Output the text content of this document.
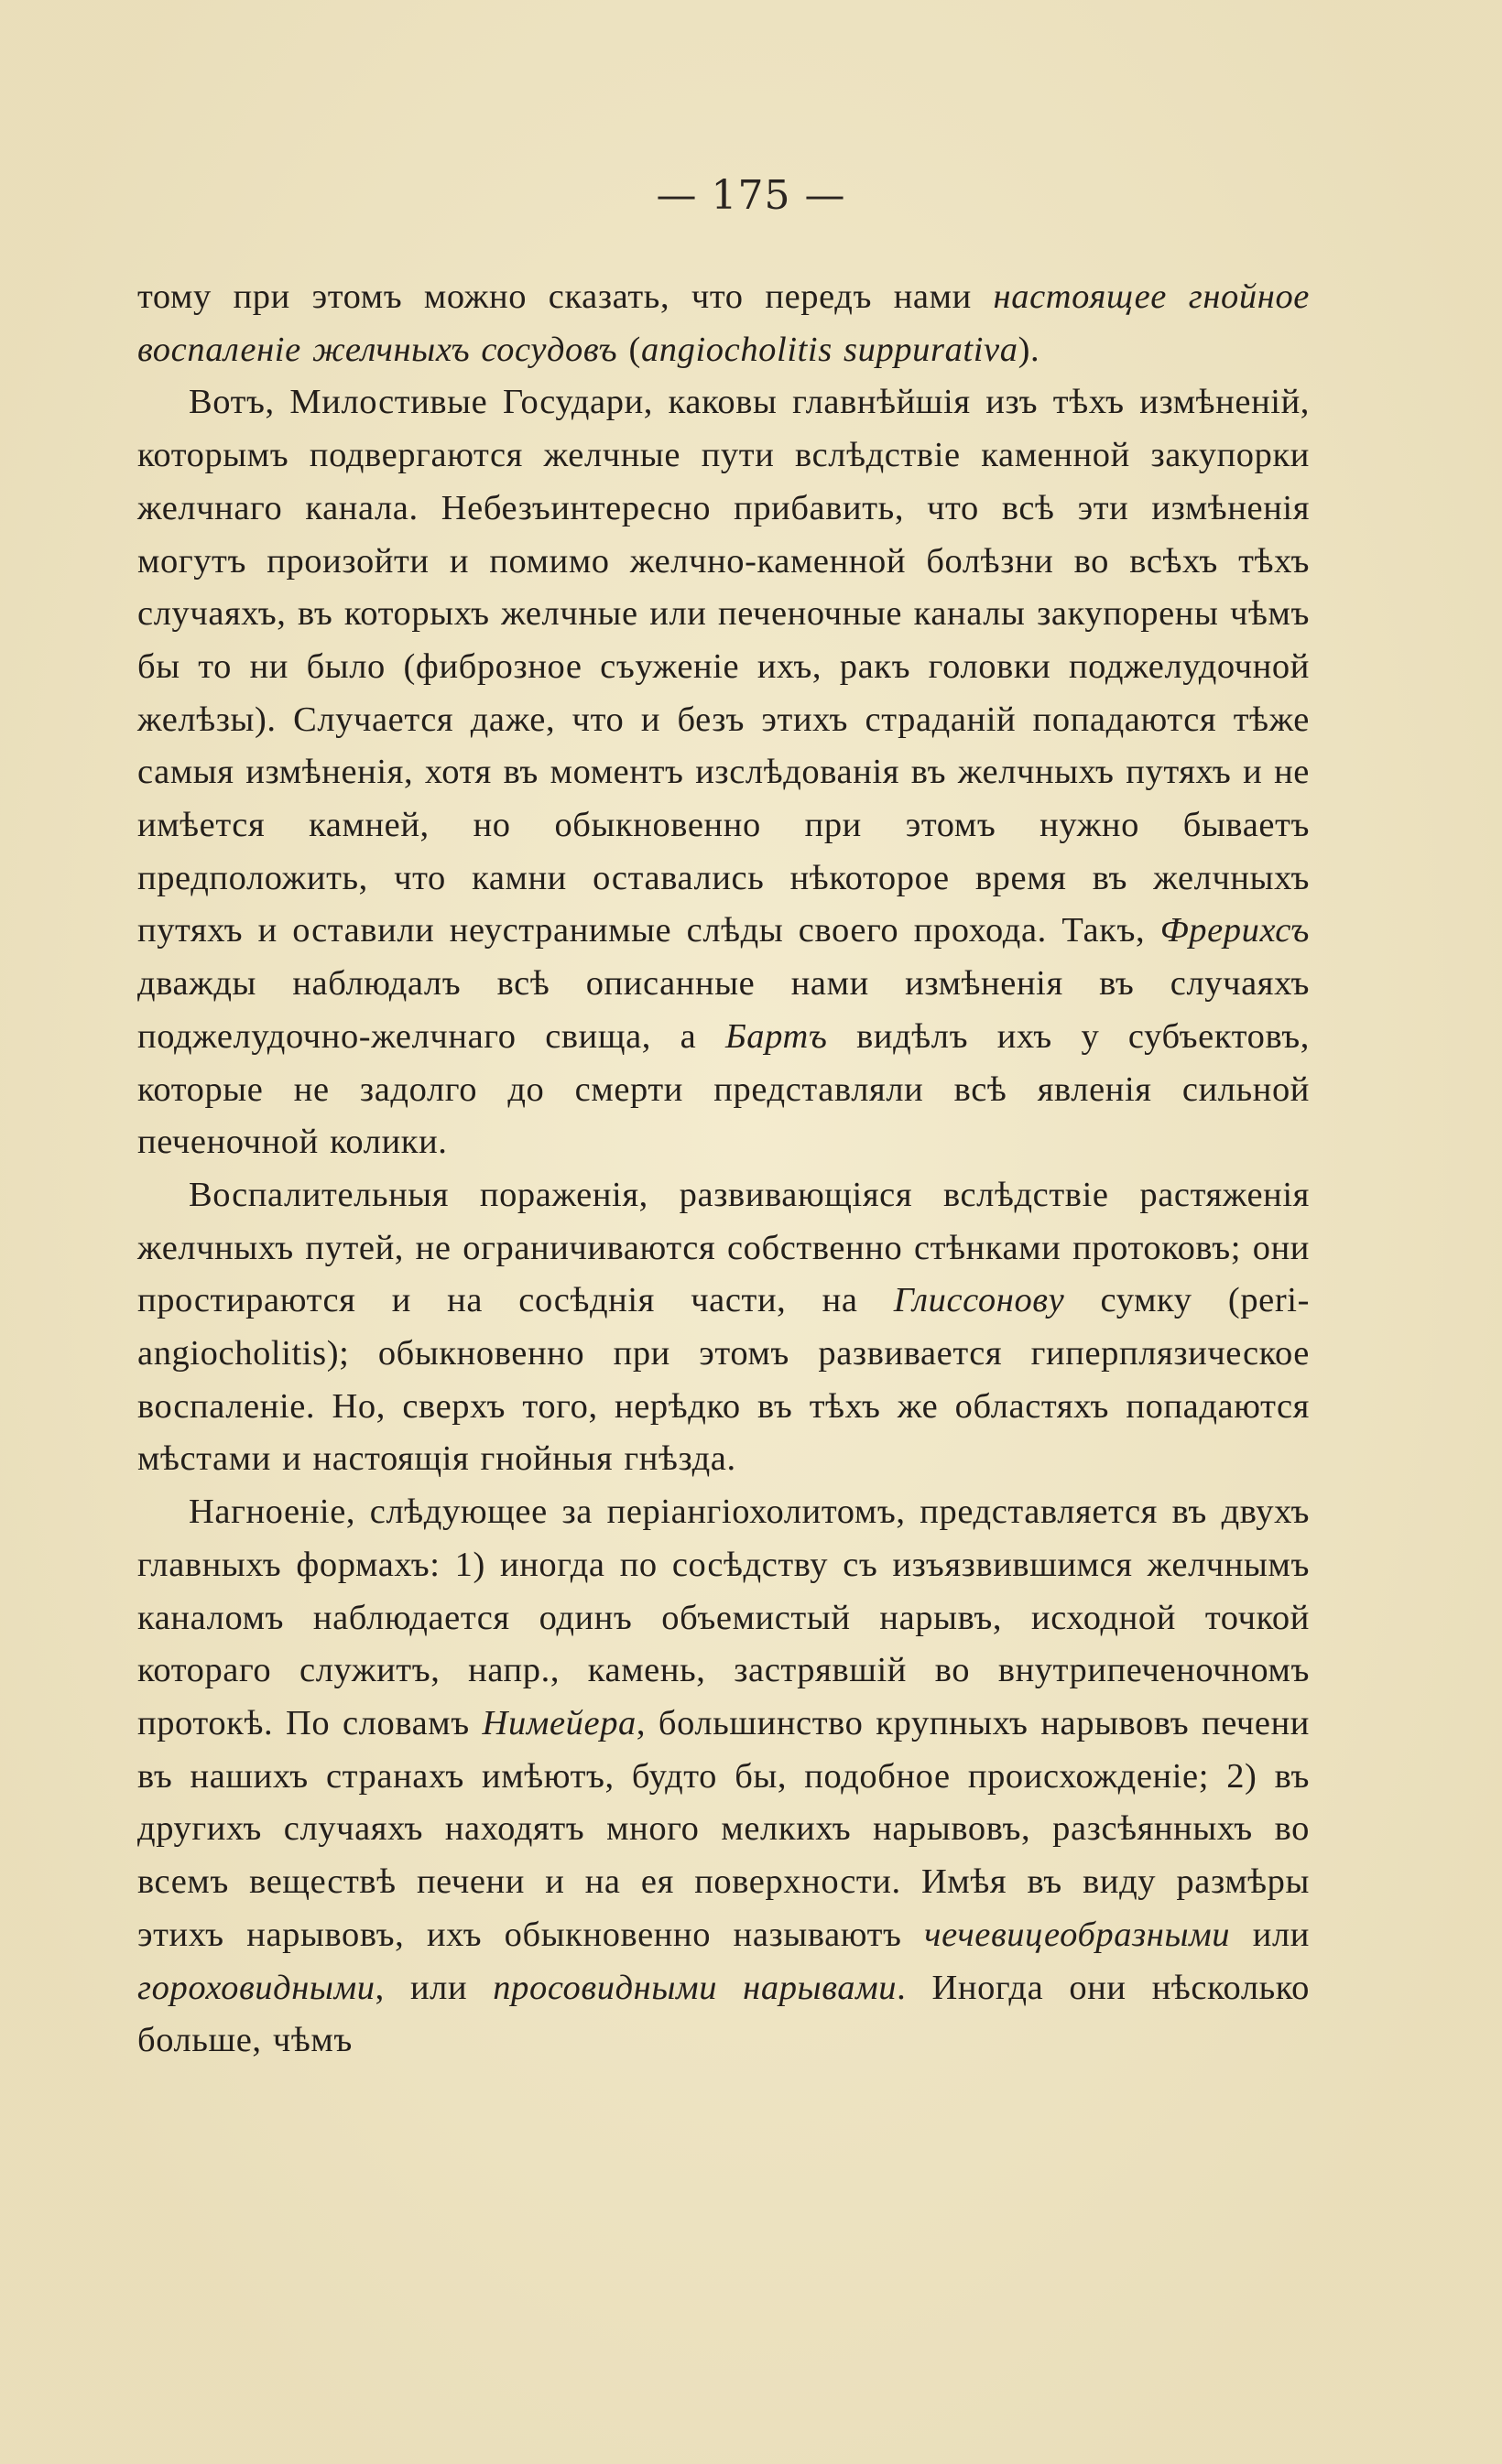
— 175 —

тому при этомъ можно сказать, что передъ нами настоящее гнойное воспаленіе желчныхъ сосудовъ (angiocholitis suppurativa).

Вотъ, Милостивые Государи, каковы главнѣйшія изъ тѣхъ измѣненій, которымъ подвергаются желчные пути вслѣдствіе каменной закупорки желчнаго канала. Небезъинтересно прибавить, что всѣ эти измѣненія могутъ произойти и помимо желчно-каменной болѣзни во всѣхъ тѣхъ случаяхъ, въ которыхъ желчные или печеночные каналы закупорены чѣмъ бы то ни было (фиброзное съуженіе ихъ, ракъ головки поджелудочной желѣзы). Случается даже, что и безъ этихъ страданій попадаются тѣже самыя измѣненія, хотя въ моментъ изслѣдованія въ желчныхъ путяхъ и не имѣется камней, но обыкновенно при этомъ нужно бываетъ предположить, что камни оставались нѣкоторое время въ желчныхъ путяхъ и оставили неустранимые слѣды своего прохода. Такъ, Фрерихсъ дважды наблюдалъ всѣ описанные нами измѣненія въ случаяхъ поджелудочно-желчнаго свища, а Бартъ видѣлъ ихъ у субъектовъ, которые не задолго до смерти представляли всѣ явленія сильной печеночной колики.

Воспалительныя пораженія, развивающіяся вслѣдствіе растяженія желчныхъ путей, не ограничиваются собственно стѣнками протоковъ; они простираются и на сосѣднія части, на Глиссонову сумку (peri-angiocholitis); обыкновенно при этомъ развивается гиперплязическое воспаленіе. Но, сверхъ того, нерѣдко въ тѣхъ же областяхъ попадаются мѣстами и настоящія гнойныя гнѣзда.

Нагноеніе, слѣдующее за періангіохолитомъ, представляется въ двухъ главныхъ формахъ: 1) иногда по сосѣдству съ изъязвившимся желчнымъ каналомъ наблюдается одинъ объемистый нарывъ, исходной точкой котораго служитъ, напр., камень, застрявшій во внутрипеченочномъ протокѣ. По словамъ Нимейера, большинство крупныхъ нарывовъ печени въ нашихъ странахъ имѣютъ, будто бы, подобное происхожденіе; 2) въ другихъ случаяхъ находятъ много мелкихъ нарывовъ, разсѣянныхъ во всемъ веществѣ печени и на ея поверхности. Имѣя въ виду размѣры этихъ нарывовъ, ихъ обыкновенно называютъ чечевицеобразными или гороховидными, или просовидными нарывами. Иногда они нѣсколько больше, чѣмъ
